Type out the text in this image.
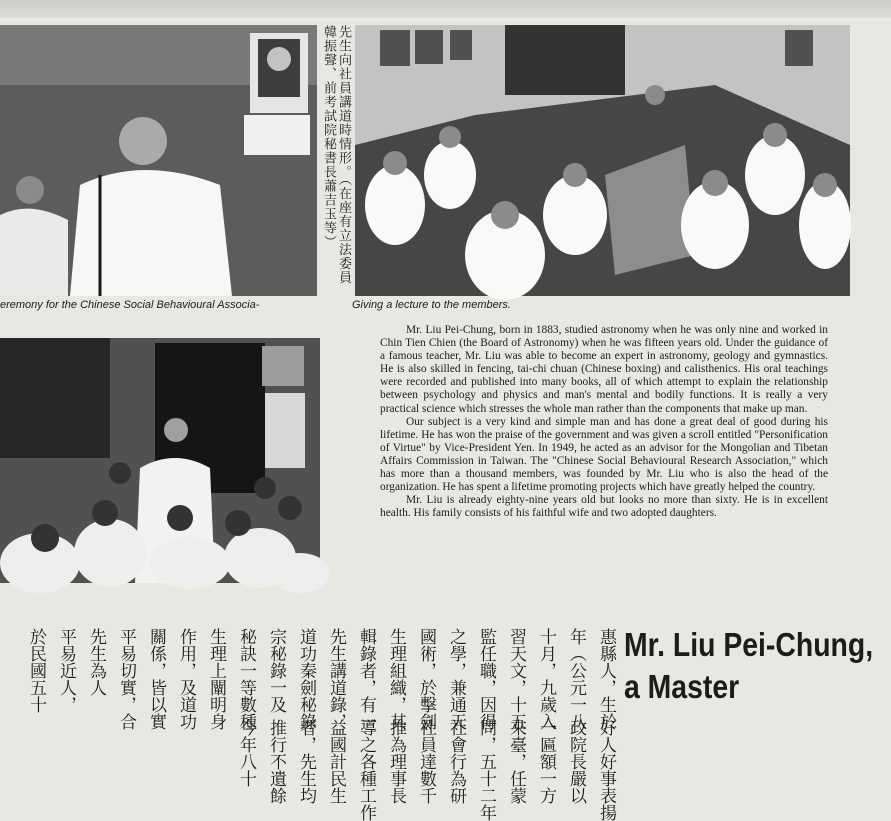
eremony for the Chinese Social Behavioural Associa-	Giving a lecture to the members.
先生向社員講道時情形。（在座有立法委員韓振聲、前考試院秘書長蕭吉玉等）

Mr. Liu Pei-Chung, born in 1883, studied astronomy when he was only nine and worked in Chin Tien Chien (the Board of Astronomy) when he was fifteen years old. Under the guidance of a famous teacher, Mr. Liu was able to become an expert in astronomy, geology and gymnastics. He is also skilled in fencing, tai-chi chuan (Chinese boxing) and calisthenics. His oral teachings were recorded and published into many books, all of which attempt to explain the relationship between psychology and physics and man's mental and bodily functions. It is really a very practical science which stresses the whole man rather than the components that make up man.

Our subject is a very kind and simple man and has done a great deal of good during his lifetime. He has won the praise of the government and was given a scroll entitled "Personification of Virtue" by Vice-President Yen. In 1949, he acted as an advisor for the Mongolian and Tibetan Affairs Commission in Taiwan. The "Chinese Social Behavioural Research Association," which has more than a thousand members, was founded by Mr. Liu who is also the head of the organization. He has spent a lifetime promoting projects which have greatly helped the country.

Mr. Liu is already eighty-nine years old but looks no more than sixty. He is in excellent health. His family consists of his faithful wife and two adopted daughters.

惠縣人，生於年（公元一八十月，九歲入習天文，十五監任職，因得之學，兼通天國術，於擊劍生理組織，其輯錄者，有一先生講道錄，道功秦劍秘錄宗秘錄一及秘訣一等數種生理上闡明身作用，及道功關係，皆以實平易切實，合先生為人平易近人，於民國五十好人好事表揚政院長嚴以一匾額一方來臺，任蒙問，五十二年社會行為研社員達數千推為理事長導之各種工作益國計民生者，先生均推行不遺餘今年八十
Mr. Liu Pei-Chung,
a Master
